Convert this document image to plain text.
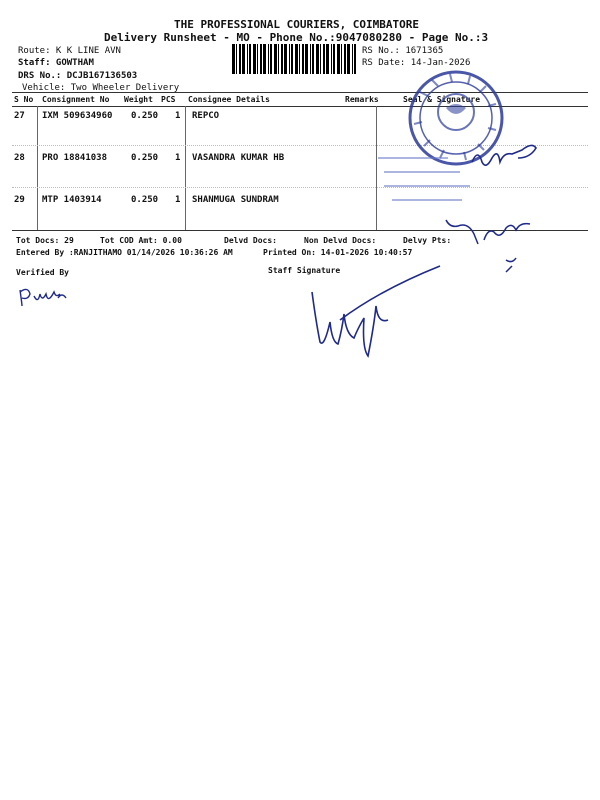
THE PROFESSIONAL COURIERS, COIMBATORE
Delivery Runsheet - MO - Phone No.:9047080280 - Page No.:3
Route: K K LINE AVN
Staff: GOWTHAM
DRS No.: DCJB167136503
Vehicle: Two Wheeler Delivery
RS No.: 1671365
RS Date: 14-Jan-2026
S No Consignment No Weight PCS Consignee Details	Remarks	Seal & Signature
27 IXM 509634960 0.250 1 REPCO
28 PRO 18841038	0.250 1 VASANDRA KUMAR HB
29 MTP 1403914	0.250 1 SHANMUGA SUNDRAM
Tot Docs: 29	Tot COD Amt: 0.00	Delvd Docs:	Non Delvd Docs:	Delvy Pts:
Entered By :RANJITHAMO 01/14/2026 10:36:26 AM	Printed On: 14-01-2026 10:40:57
Verified By	Staff Signature
